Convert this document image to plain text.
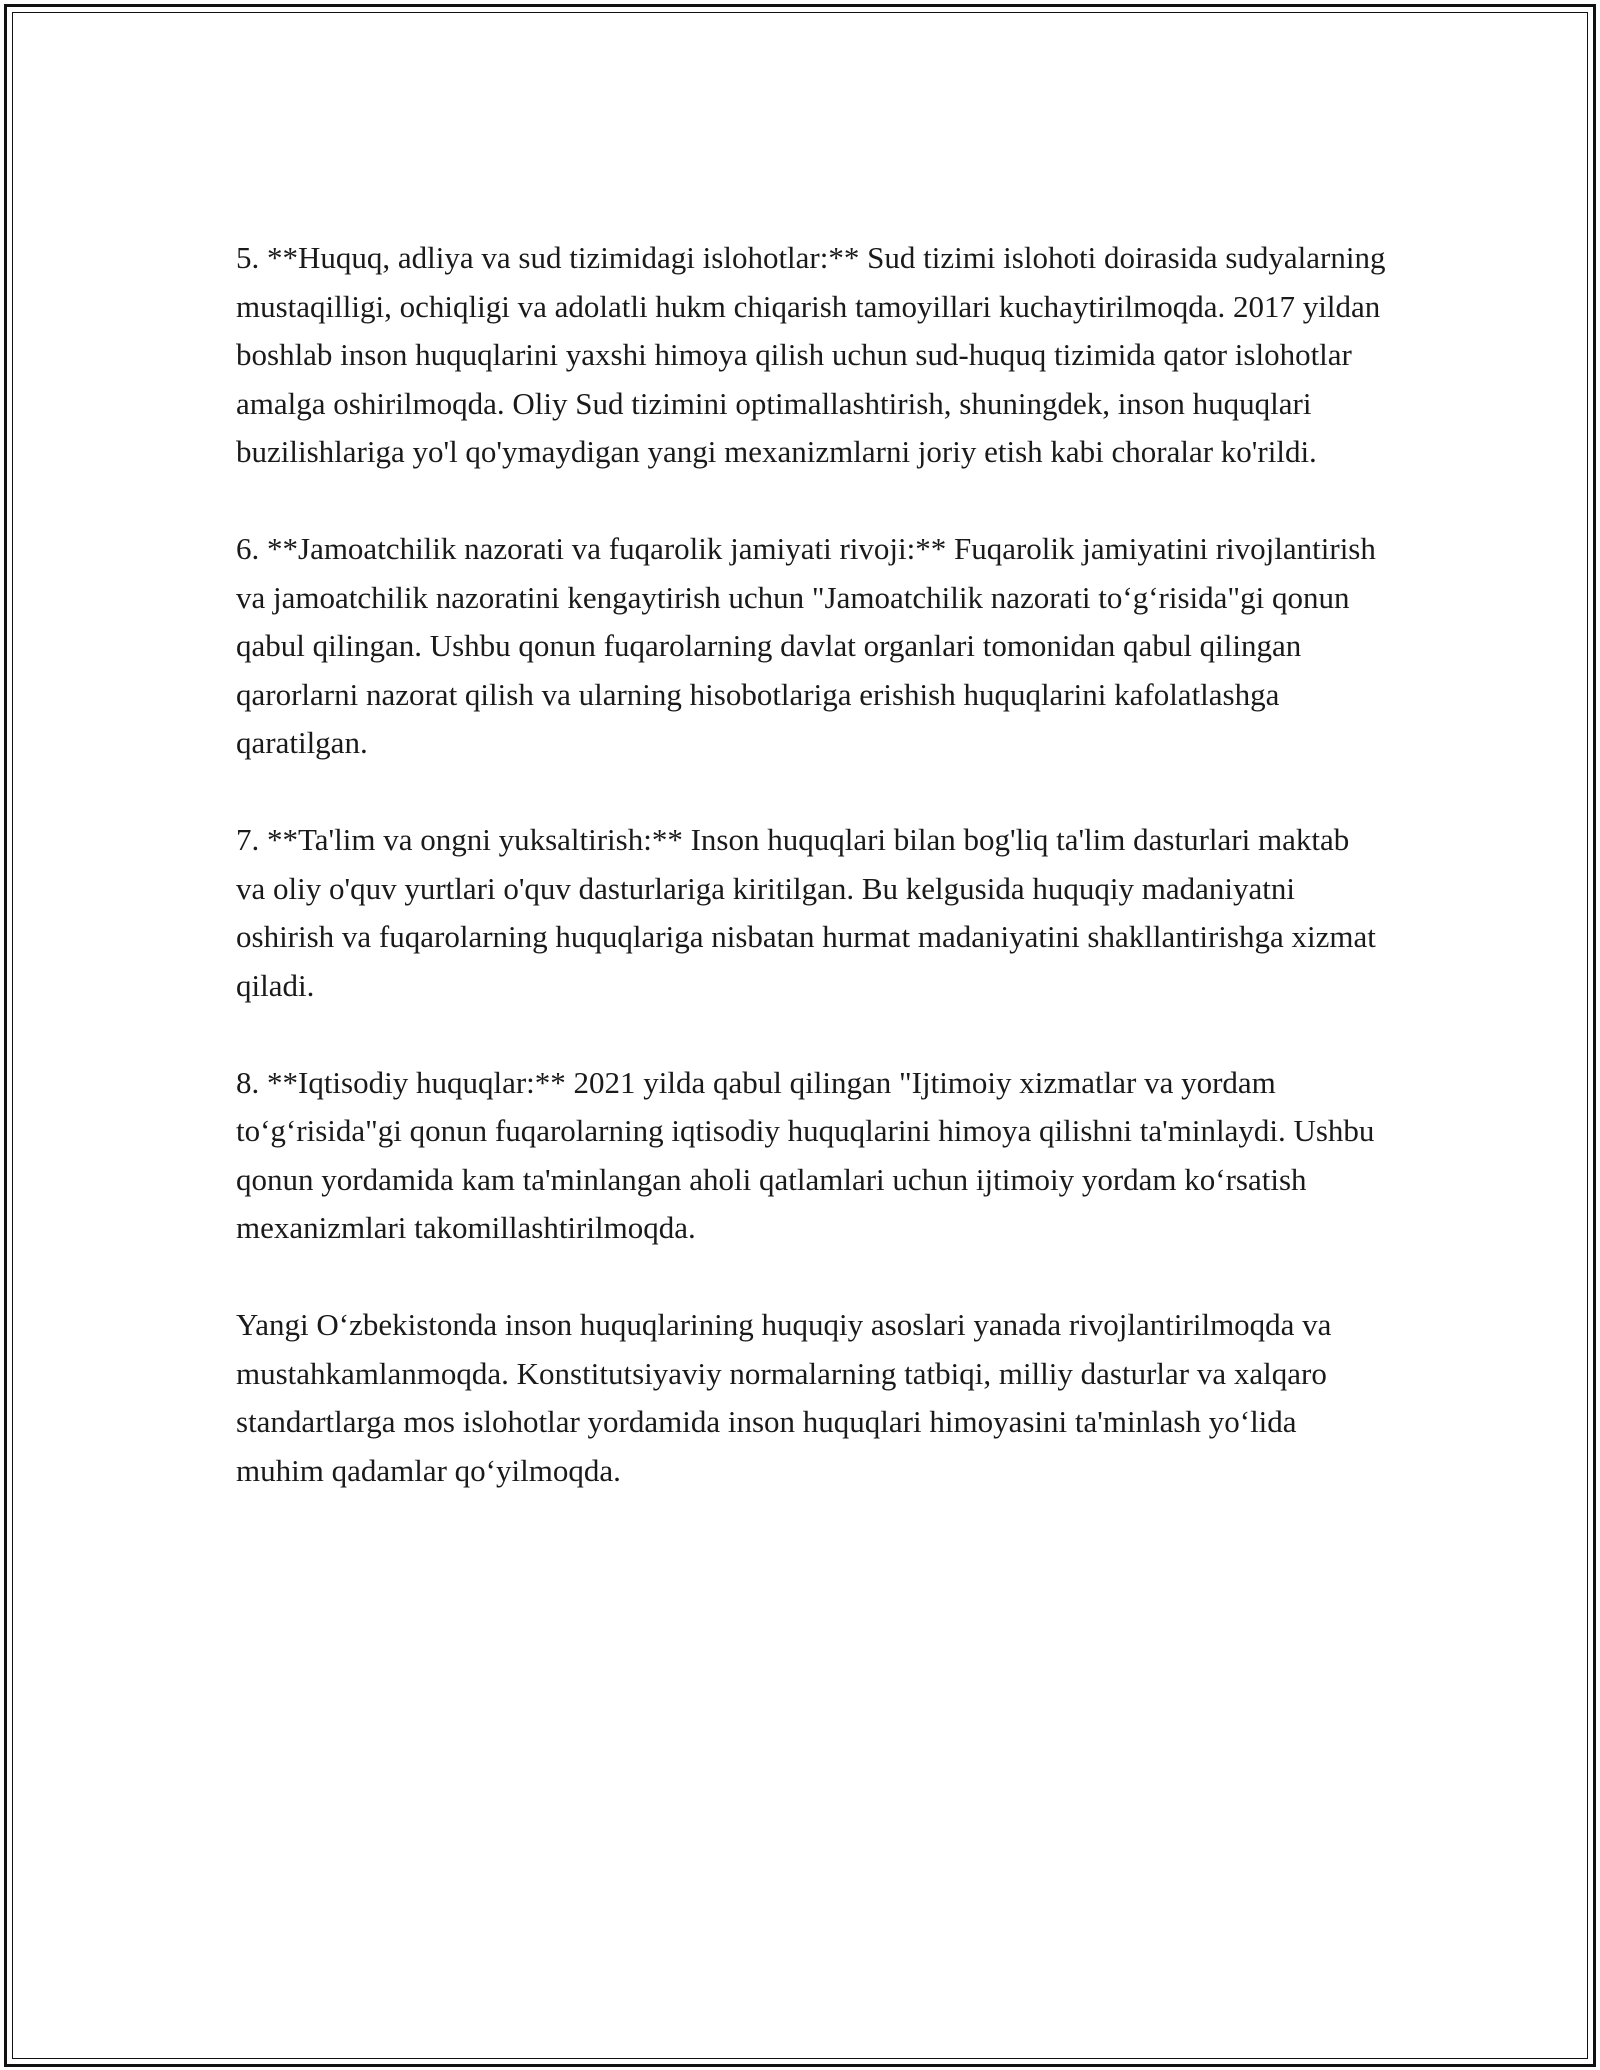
5. **Huquq, adliya va sud tizimidagi islohotlar:** Sud tizimi islohoti doirasida sudyalarning mustaqilligi, ochiqligi va adolatli hukm chiqarish tamoyillari kuchaytirilmoqda. 2017 yildan boshlab inson huquqlarini yaxshi himoya qilish uchun sud-huquq tizimida qator islohotlar amalga oshirilmoqda. Oliy Sud tizimini optimallashtirish, shuningdek, inson huquqlari buzilishlariga yo'l qo'ymaydigan yangi mexanizmlarni joriy etish kabi choralar ko'rildi.

6. **Jamoatchilik nazorati va fuqarolik jamiyati rivoji:** Fuqarolik jamiyatini rivojlantirish va jamoatchilik nazoratini kengaytirish uchun "Jamoatchilik nazorati to‘g‘risida"gi qonun qabul qilingan. Ushbu qonun fuqarolarning davlat organlari tomonidan qabul qilingan qarorlarni nazorat qilish va ularning hisobotlariga erishish huquqlarini kafolatlashga qaratilgan.

7. **Ta'lim va ongni yuksaltirish:** Inson huquqlari bilan bog'liq ta'lim dasturlari maktab va oliy o'quv yurtlari o'quv dasturlariga kiritilgan. Bu kelgusida huquqiy madaniyatni oshirish va fuqarolarning huquqlariga nisbatan hurmat madaniyatini shakllantirishga xizmat qiladi.

8. **Iqtisodiy huquqlar:** 2021 yilda qabul qilingan "Ijtimoiy xizmatlar va yordam to‘g‘risida"gi qonun fuqarolarning iqtisodiy huquqlarini himoya qilishni ta'minlaydi. Ushbu qonun yordamida kam ta'minlangan aholi qatlamlari uchun ijtimoiy yordam ko‘rsatish mexanizmlari takomillashtirilmoqda.

Yangi O‘zbekistonda inson huquqlarining huquqiy asoslari yanada rivojlantirilmoqda va mustahkamlanmoqda. Konstitutsiyaviy normalarning tatbiqi, milliy dasturlar va xalqaro standartlarga mos islohotlar yordamida inson huquqlari himoyasini ta'minlash yo‘lida muhim qadamlar qo‘yilmoqda.
